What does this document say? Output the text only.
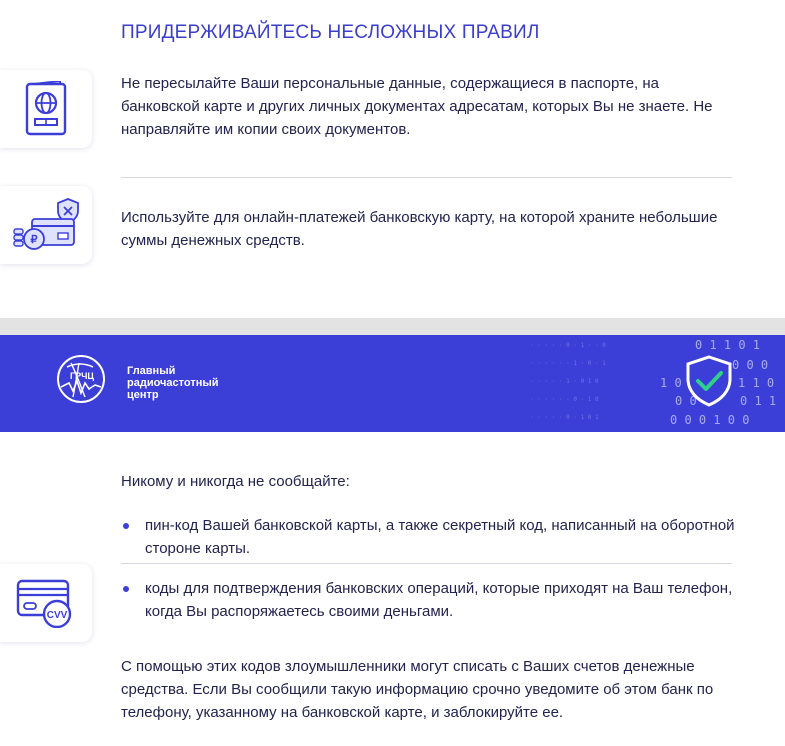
ПРИДЕРЖИВАЙТЕСЬ НЕСЛОЖНЫХ ПРАВИЛ

Не пересылайте Ваши персональные данные, содержащиеся в паспорте, на банковской карте и других личных документах адресатам, которых Вы не знаете. Не направляйте им копии своих документов.

₽

Используйте для онлайн-платежей банковскую карту, на которой храните небольшие суммы денежных средств.

· · · · · 0 · 1 · · 0
· · · · · · 1 · 0 · 1
· · · · · 1 · 0 1 0
· · · · · · 0 · 1 0
· · · · · 0 · 1 0 1
0 1 1 0 1
0 0 0
1 0	1 1 0
0 0	0 1 1
0 0 0 1 0 0
ГРЧЦ	Главный
радиочастотный
центр

Никому и никогда не сообщайте:

пин-код Вашей банковской карты, а также секретный код, написанный на оборотной стороне карты.
коды для подтверждения банковских операций, которые приходят на Ваш телефон, когда Вы распоряжаетесь своими деньгами.
CVV

С помощью этих кодов злоумышленники могут списать с Ваших счетов денежные средства. Если Вы сообщили такую информацию срочно уведомите об этом банк по телефону, указанному на банковской карте, и заблокируйте ее.
